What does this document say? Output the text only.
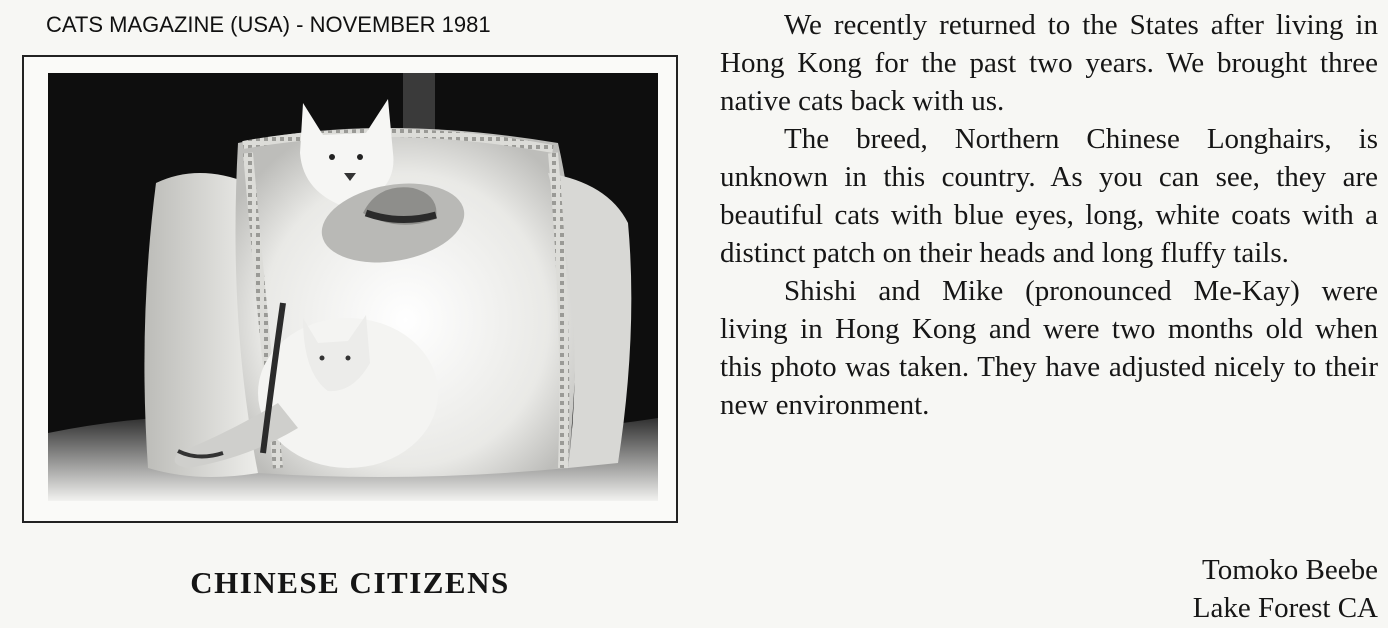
CATS MAGAZINE (USA) - NOVEMBER 1981
CHINESE CITIZENS

We recently returned to the States after living in Hong Kong for the past two years. We brought three native cats back with us.

The breed, Northern Chinese Longhairs, is unknown in this country. As you can see, they are beautiful cats with blue eyes, long, white coats with a distinct patch on their heads and long fluffy tails.

Shishi and Mike (pronounced Me-Kay) were living in Hong Kong and were two months old when this photo was taken. They have adjusted nicely to their new environment.

Tomoko Beebe
Lake Forest CA
